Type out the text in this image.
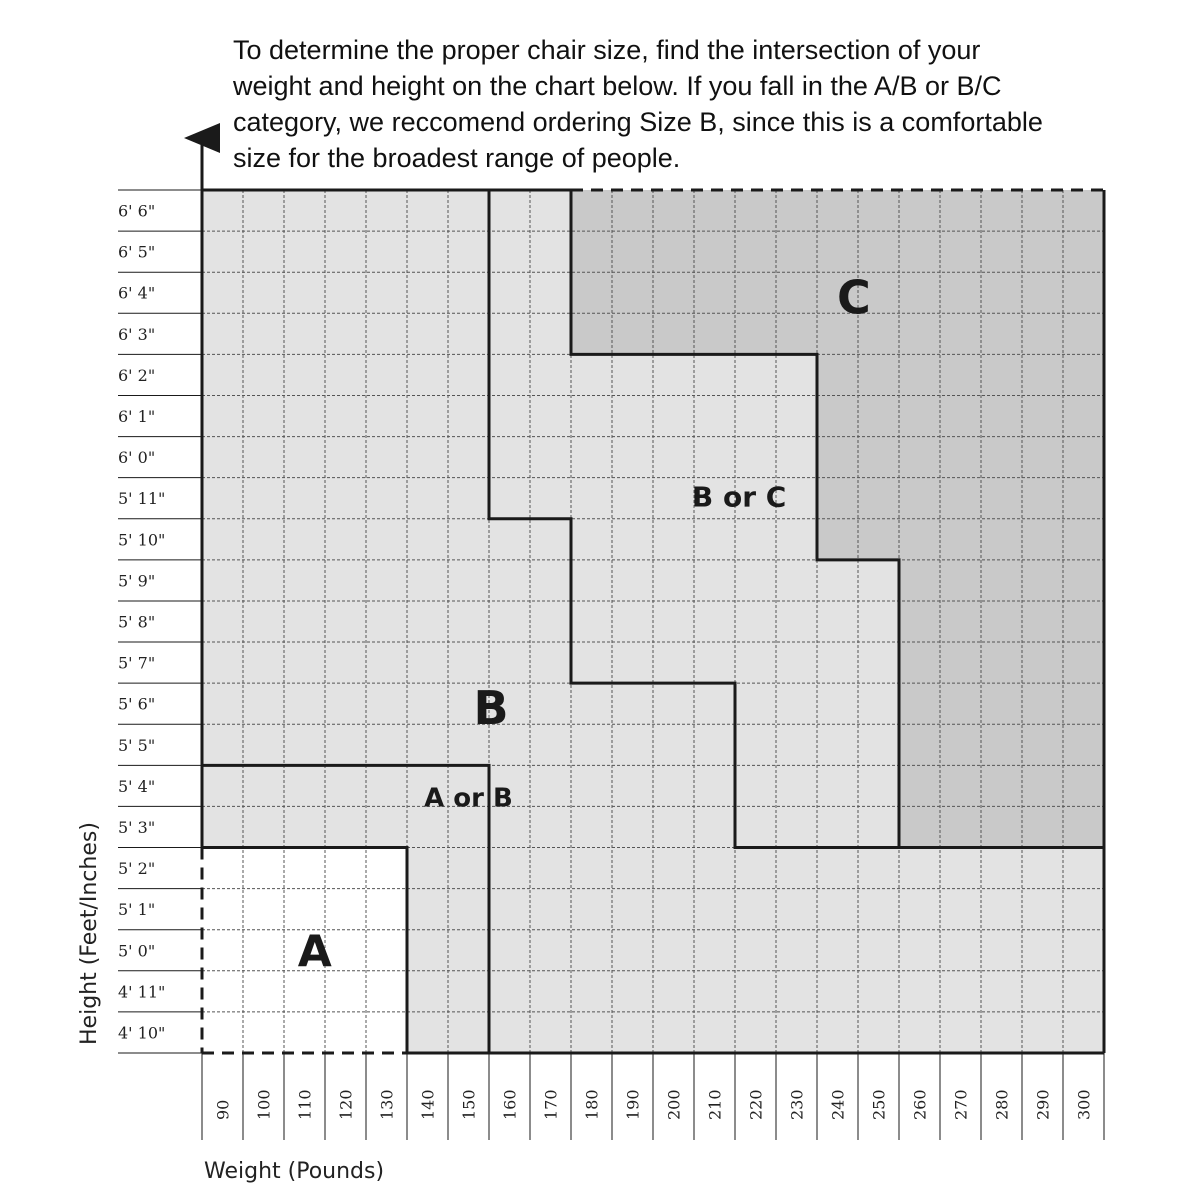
To determine the proper chair size, find the intersection of your

weight and height on the chart below. If you fall in the A/B or B/C

category, we reccomend ordering Size B, since this is a comfortable

size for the broadest range of people.

4' 10"
4' 11"
5' 0"
5' 1"
5' 2"
5' 3"
5' 4"
5' 5"
5' 6"
5' 7"
5' 8"
5' 9"
5' 10"
5' 11"
6' 0"
6' 1"
6' 2"
6' 3"
6' 4"
6' 5"
6' 6"
90 100 110 120 130 140 150 160 170 180 190 200 210 220 230 240 250 260 270 280 290 300
A
A or B
B
B or C
C
Weight (Pounds)
Height (Feet/Inches)
